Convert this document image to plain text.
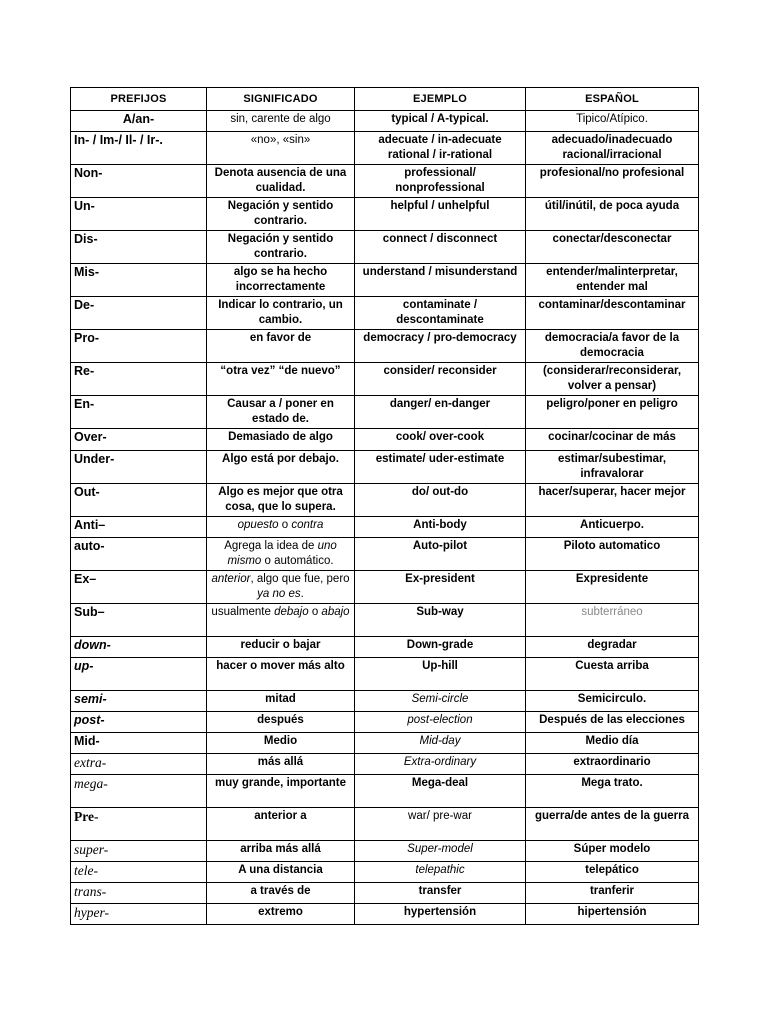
PREFIJOS	SIGNIFICADO	EJEMPLO	ESPAÑOL
A/an-	sin, carente de algo	typical / A-typical.	Tipico/Atípico.
In- / Im-/ Il- / Ir-.	«no», «sin»	adecuate / in-adecuate rational / ir-rational	adecuado/inadecuado racional/irracional
Non-	Denota ausencia de una cualidad.	professional/ nonprofessional	profesional/no profesional
Un-	Negación y sentido contrario.	helpful / unhelpful	útil/inútil, de poca ayuda
Dis-	Negación y sentido contrario.	connect / disconnect	conectar/desconectar
Mis-	algo se ha hecho incorrectamente	understand / misunderstand	entender/malinterpretar, entender mal
De-	Indicar lo contrario, un cambio.	contaminate / descontaminate	contaminar/descontaminar
Pro-	en favor de	democracy / pro-democracy	democracia/a favor de la democracia
Re-	“otra vez” “de nuevo”	consider/ reconsider	(considerar/reconsiderar, volver a pensar)
En-	Causar a / poner en estado de.	danger/ en-danger	peligro/poner en peligro
Over-	Demasiado de algo	cook/ over-cook	cocinar/cocinar de más
Under-	Algo está por debajo.	estimate/ uder-estimate	estimar/subestimar, infravalorar
Out-	Algo es mejor que otra cosa, que lo supera.	do/ out-do	hacer/superar, hacer mejor
Anti–	opuesto o contra	Anti-body	Anticuerpo.
auto-	Agrega la idea de uno mismo o automático.	Auto-pilot	Piloto automatico
Ex–	anterior, algo que fue, pero ya no es.	Ex-president	Expresidente
Sub–	usualmente debajo o abajo	Sub-way	subterráneo
down-	reducir o bajar	Down-grade	degradar
up-	hacer o mover más alto	Up-hill	Cuesta arriba
semi-	mitad	Semi-circle	Semicirculo.
post-	después	post-election	Después de las elecciones
Mid-	Medio	Mid-day	Medio día
extra-	más allá	Extra-ordinary	extraordinario
mega-	muy grande, importante	Mega-deal	Mega trato.
Pre-	anterior a	war/ pre-war	guerra/de antes de la guerra
super-	arriba más allá	Super-model	Súper modelo
tele-	A una distancia	telepathic	telepático
trans-	a través de	transfer	tranferir
hyper-	extremo	hypertensión	hipertensión
